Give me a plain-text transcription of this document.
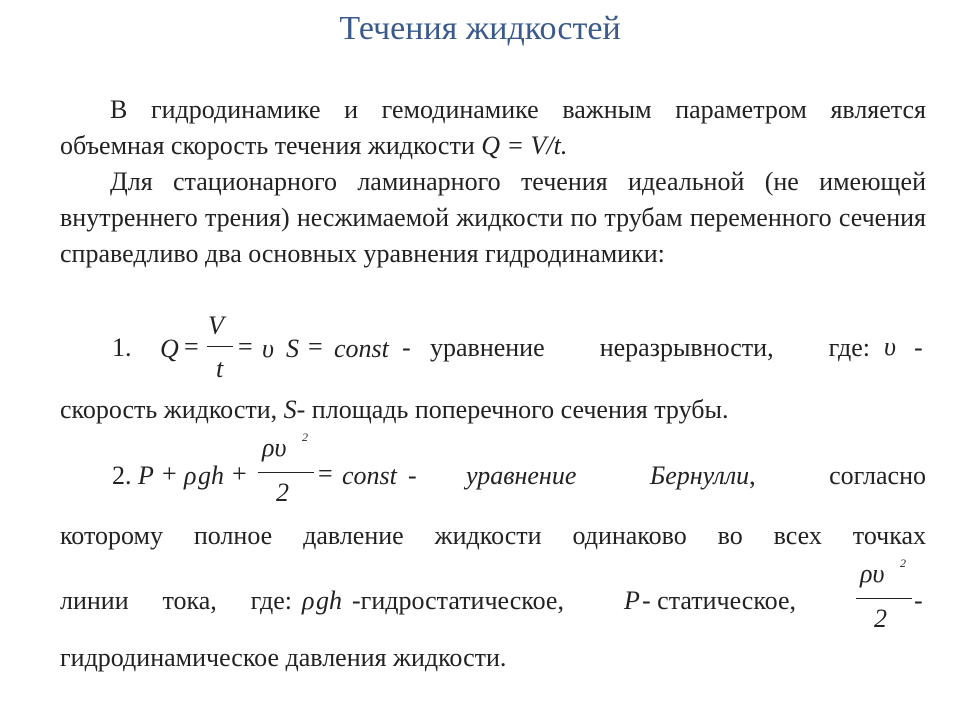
Течения жидкостей

В гидродинамике и гемодинамике важным параметром является объемная скорость течения жидкости Q = V/t.

Для стационарного ламинарного течения идеальной (не имеющей внутреннего трения) несжимаемой жидкости по трубам переменного сечения справедливо два основных уравнения гидродинамики:

1. Q =
V
t
= υ S = const - уравнение неразрывности, где: υ -
скорость жидкости, S- площадь поперечного сечения трубы.
2. P + ρ gh +
ρυ 2
2
= const - уравнение	Бернулли,	согласно
которому полное давление жидкости одинаково во всех точках
линии тока, где: ρ gh -гидростатическое, P - статическое,
ρυ 2
2
-
гидродинамическое давления жидкости.
